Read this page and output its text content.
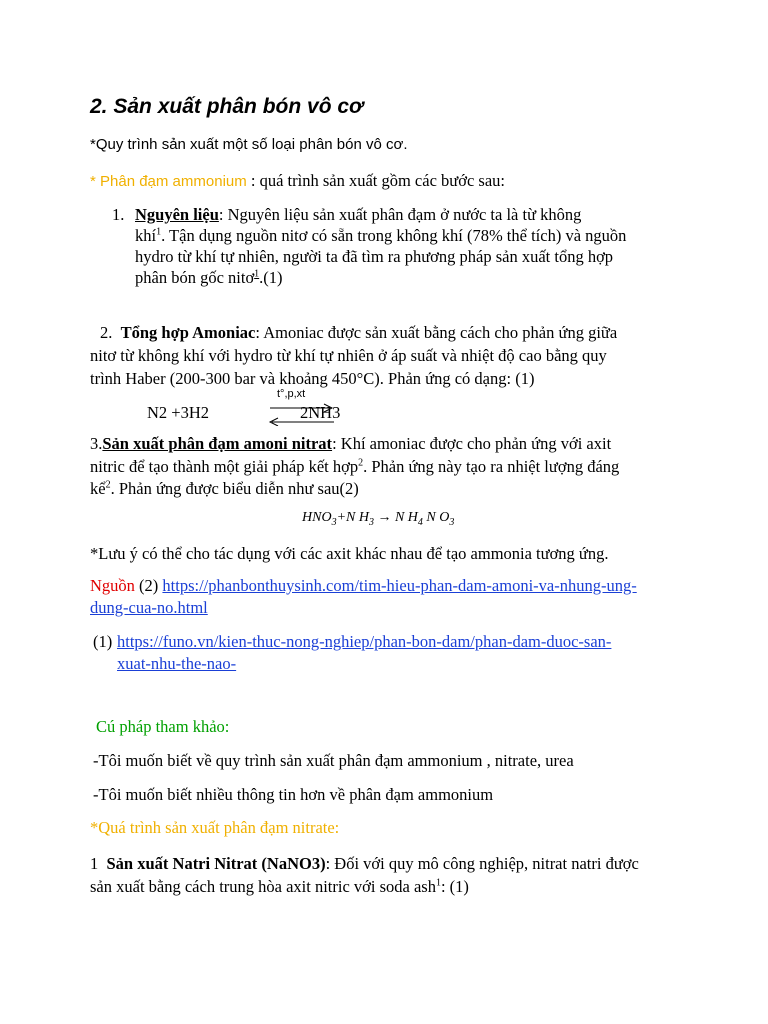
2. Sản xuất phân bón vô cơ
*Quy trình sản xuất một số loại phân bón vô cơ.
* Phân đạm ammonium : quá trình sản xuất gồm các bước sau:
1. Nguyên liệu: Nguyên liệu sản xuất phân đạm ở nước ta là từ không
khí$^1$. Tận dụng nguồn nitơ có sẵn trong không khí (78% thể tích) và nguồn
hydro từ khí tự nhiên, người ta đã tìm ra phương pháp sản xuất tổng hợp
phân bón gốc nitơ$^1$.(1)
2. Tổng hợp Amoniac: Amoniac được sản xuất bằng cách cho phản ứng giữa
nitơ từ không khí với hydro từ khí tự nhiên ở áp suất và nhiệt độ cao bằng quy
trình Haber (200-300 bar và khoảng 450°C). Phản ứng có dạng: (1)
N2 +3H2
t°,p,xt
2NH3
3.Sản xuất phân đạm amoni nitrat: Khí amoniac được cho phản ứng với axit
nitric để tạo thành một giải pháp kết hợp$^2$. Phản ứng này tạo ra nhiệt lượng đáng
kể$^2$. Phản ứng được biểu diễn như sau(2)
$HNO_3+N$ $H_3 \to N$ $H_4$ N $O_3$
*Lưu ý có thể cho tác dụng với các axit khác nhau để tạo ammonia tương ứng.
Nguồn (2) https://phanbonthuysinh.com/tim-hieu-phan-dam-amoni-va-nhung-ung-
dung-cua-no.html
(1) https://funo.vn/kien-thuc-nong-nghiep/phan-bon-dam/phan-dam-duoc-san-
xuat-nhu-the-nao-
Cú pháp tham khảo:
-Tôi muốn biết về quy trình sản xuất phân đạm ammonium , nitrate, urea
-Tôi muốn biết nhiều thông tin hơn về phân đạm ammonium
*Quá trình sản xuất phân đạm nitrate:
1 Sản xuất Natri Nitrat (NaNO3): Đối với quy mô công nghiệp, nitrat natri được
sản xuất bằng cách trung hòa axit nitric với soda ash$^1$: (1)
